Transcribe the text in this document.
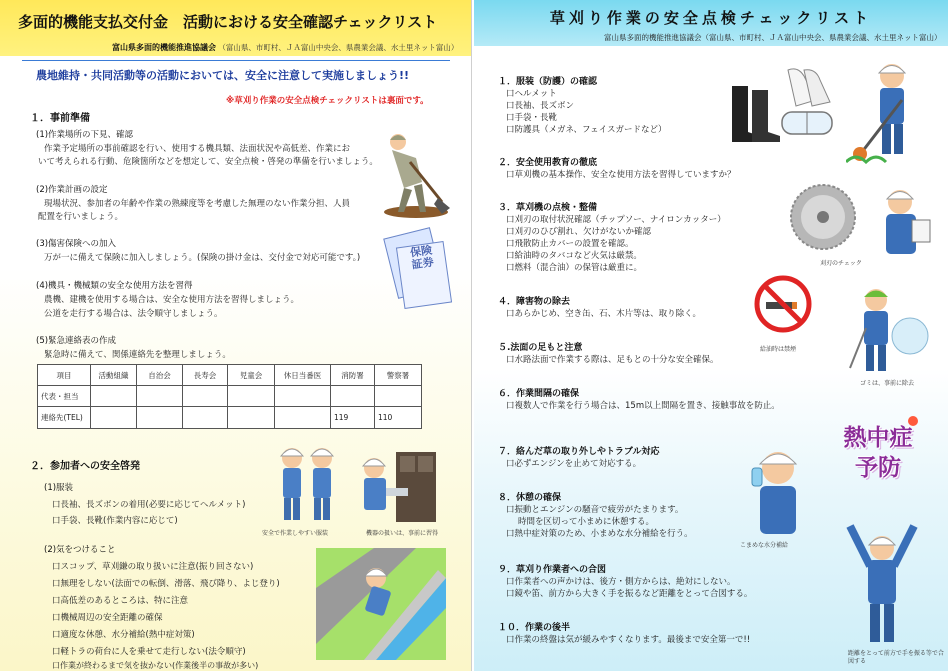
多面的機能支払交付金　活動における安全確認チェックリスト
富山県多面的機能推進協議会 （富山県、市町村、ＪＡ富山中央会、県農業会議、水土里ネット富山）
農地維持・共同活動等の活動においては、安全に注意して実施しましょう!!
※草刈り作業の安全点検チェックリストは裏面です。
１．事前準備
(1)作業場所の下見、確認
作業予定場所の事前確認を行い、使用する機具類、法面状況や高低差、作業にお
いて考えられる行動、危険箇所などを想定して、安全点検・啓発の準備を行いましょう。
(2)作業計画の設定
現場状況、参加者の年齢や作業の熟練度等を考慮した無理のない作業分担、人員
配置を行いましょう。
(3)傷害保険への加入
万が一に備えて保険に加入しましょう。(保険の掛け金は、交付金で対応可能です。)
(4)機具・機械類の安全な使用方法を習得
農機、建機を使用する場合は、安全な使用方法を習得しましょう。
公道を走行する場合は、法令順守しましょう。
(5)緊急連絡表の作成
緊急時に備えて、関係連絡先を整理しましょう。
保険証券
項目	活動組織	自治会	長寿会	児童会	休日当番医	消防署	警察署
代表・担当							
連絡先(TEL)						119	110
２．参加者への安全啓発
(1)服装
口長袖、長ズボンの着用(必要に応じてヘルメット)
口手袋、長靴(作業内容に応じて)
(2)気をつけること
口スコップ、草刈鎌の取り扱いに注意(振り回さない)
口無理をしない(法面での転倒、滑落、飛び降り、よじ登り)
口高低差のあるところは、特に注意
口機械周辺の安全距離の確保
口適度な休憩、水分補給(熱中症対策)
口軽トラの荷台に人を乗せて走行しない(法令順守)
口作業が終わるまで気を抜かない(作業後半の事故が多い)
安全で作業しやすい服装	機器の扱いは、事前に習得
草刈り作業の安全点検チェックリスト
富山県多面的機能推進協議会（富山県、市町村、ＪＡ富山中央会、県農業会議、水土里ネット富山）
１．服装（防護）の確認
口ヘルメット
口長袖、長ズボン
口手袋・長靴
口防護具（メガネ、フェイスガードなど）
２．安全使用教育の徹底
口草刈機の基本操作、安全な使用方法を習得していますか？
３．草刈機の点検・整備
口刈刃の取付状況確認（チップソー、ナイロンカッター）
口刈刃のひび割れ、欠けがないか確認
口飛散防止カバーの設置を確認。
口給油時のタバコなど火気は厳禁。
口燃料（混合油）の保管は厳重に。
４．障害物の除去
口あらかじめ、空き缶、石、木片等は、取り除く。
５.法面の足もと注意
口水路法面で作業する際は、足もとの十分な安全確保。
６．作業間隔の確保
口複数人で作業を行う場合は、15m以上間隔を置き、接触事故を防止。
７．絡んだ草の取り外しやトラブル対応
口必ずエンジンを止めて対応する。
８．休憩の確保
口振動とエンジンの騒音で疲労がたまります。
時間を区切って小まめに休憩する。
口熱中症対策のため、小まめな水分補給を行う。
９．草刈り作業者への合図
口作業者への声かけは、後方・側方からは、絶対にしない。
口鏡や笛、前方から大きく手を振るなど距離をとって合図する。
１０．作業の後半
口作業の終盤は気が緩みやすくなります。最後まで安全第一で!!
刈刃のチェック
給油時は禁煙
ゴミは、事前に除去
熱中症
予防
こまめな水分補給
距離をとって前方で手を振る等で合図する
